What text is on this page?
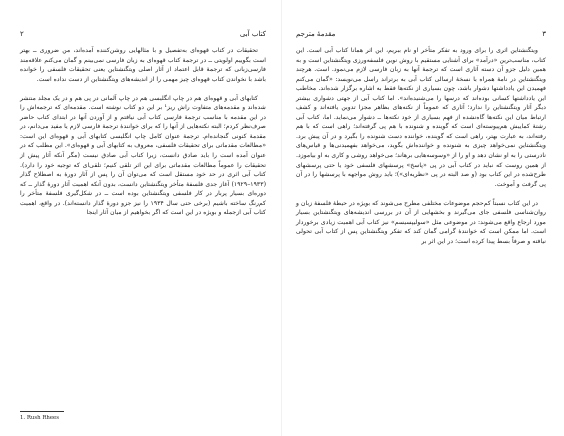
۲	کتاب آبی

تحقیقات در کتاب قهوه‌ای به‌تفصیل و با مثالهایی روشن‌کننده آمده‌اند، من ضروری ــ بهتر است بگوییم اولویتی ــ در ترجمهٔ کتاب قهوه‌ای به زبان فارسی نمی‌بینم و گمان می‌کنم علاقه‌مند فارسی‌زبانی که ترجمهٔ قابل اعتماد از آثار اصلی ویتگنشتاین یعنی تحقیقات فلسفی را خوانده باشد با نخواندن کتاب قهوه‌ای چیز مهمی را از اندیشه‌های ویتگنشتاین از دست نداده است.

کتابهای آبی و قهوه‌ای هم در چاپ انگلیسی هم در چاپ آلمانی در پی هم و در یک مجلد منتشر شده‌اند و مقدمه‌های متفاوت راش ریز¹ بر این دو کتاب نوشته است. مقدمه‌ای که ترجمه‌اش را در این مقدمه با مناسب ترجمهٔ فارسی کتاب آبی نیافتم و از آوردن آنها در ابتدای کتاب حاضر صرف‌نظر کردم؛ البته نکته‌هایی از آنها را که برای خوانندهٔ ترجمهٔ فارسی لازم یا مفید می‌دانم، در مقدمهٔ کنونی گنجانده‌ام. ترجمهٔ عنوان کامل چاپ انگلیسی کتابهای آبی و قهوه‌ای این است: «مطالعات مقدماتی برای تحقیقات فلسفی، معروف به کتابهای آبی و قهوه‌ای». این مطلب که در عنوان آمده است را باید صادق دانست، زیرا کتاب آبی صادق نیست (مگر آنکه آثار پیش از تحقیقات را عموماً مطالعات مقدماتی برای این اثر تلقی کنیم؛ تلقی‌ای که توجیه خود را دارد). کتاب آبی اثری در حد خود مستقل است که می‌توان آن را پس از آثار دورهٔ به اصطلاح گذار (۱۹۳۳–۱۹۲۹) آغاز جدی فلسفهٔ متأخر ویتگنشتاین دانست، بدون آنکه اهمیت آثار دورهٔ گذار ــ که دوره‌ای بسیار پربار در کار فلسفی ویتگنشتاین بوده است ــ در شکل‌گیری فلسفهٔ متأخر را کم‌رنگ ساخته باشیم (برخی حتی سال ۱۹۳۴ را نیز جزو دورهٔ گذار دانسته‌اند). در واقع، اهمیت کتاب آبی ازجمله و بویژه در این است که اگر بخواهیم از میان آثار اینجا

1. Rush Rhees
مقدمهٔ مترجم	۳

ویتگنشتاین اثری را برای ورود به تفکر متأخر او نام ببریم، این اثر همانا کتاب آبی است. این کتاب، مناسب‌ترین «درآمد» برای آشنایی مستقیم با روش نوین فلسفه‌ورزی ویتگنشتاین است و به همین دلیل جزو آن دسته آثاری است که ترجمهٔ آنها به زبان فارسی لازم می‌نمود. است. هرچند ویتگنشتاین در نامهٔ همراه با نسخهٔ ارسالی کتاب آبی به برتراند راسل می‌نویسد: «گمان می‌کنم فهمیدن این یادداشتها دشوار باشد، چون بسیاری از نکته‌ها فقط به اشاره برگزار شده‌اند. مخاطب این یادداشتها کسانی بوده‌اند که درسها را می‌شنیده‌اند». اما کتاب آبی از جهتی دشواری بیشتر دیگر آثار ویتگنشتاین را ندارد؛ آثاری که عموماً از نکته‌های بظاهر مجزا تدوین یافته‌اند و کشف ارتباط میان این نکته‌ها گاه‌نشده از فهم بسیاری از خود نکته‌ها ــ دشوار می‌نماید. اما، کتاب آبی رشتهٔ کماییش هم‌پیوسته‌ای است که گوینده و شنونده با هم پی گرفته‌اند؛ راهی است که با هم رفته‌اند، به عبارت بهتر، راهی است که گوینده، خواننده دست شنونده را بگیرد و در آن پیش برد. ویتگنشتاین نمی‌خواهد چیزی به شنونده و خواننده‌اش بگوید، می‌خواهد بفهمیدنی‌ها و قیاس‌های نادرستی را به او نشان دهد و او را از «وسوسه‌هایی برهاند؛ می‌خواهد روشی و کاری به او بیاموزد. از همین روست که نباید در کتاب آبی در پی «پاسخ» پرسشهای فلسفی خود یا حتی پرسشهای طرح‌شده در این کتاب بود (و صد البته در پی «نظریه‌ای»)؛ باید روش مواجهه با پرسشها را در آن پی گرفت و آموخت.

در این کتاب نسبتاً کم‌حجم موضوعات مختلفی مطرح می‌شوند که بویژه در حیطهٔ فلسفهٔ زبان و روان‌شناسی فلسفی جای می‌گیرند و بخشهایی از آن در بررسی اندیشه‌های ویتگنشتاین بسیار مورد ارجاع واقع می‌شوند: در موضوعی مثل «سولیپسیسم» نیز کتاب آبی اهمیت زیادی برخوردار است. اما ممکن است که خوانندهٔ گرامی گمان کند که تفکر ویتگنشتاین پس از کتاب آبی تحولی نیافته و صرفاً بسط پیدا کرده است؛ در این اثر بر
